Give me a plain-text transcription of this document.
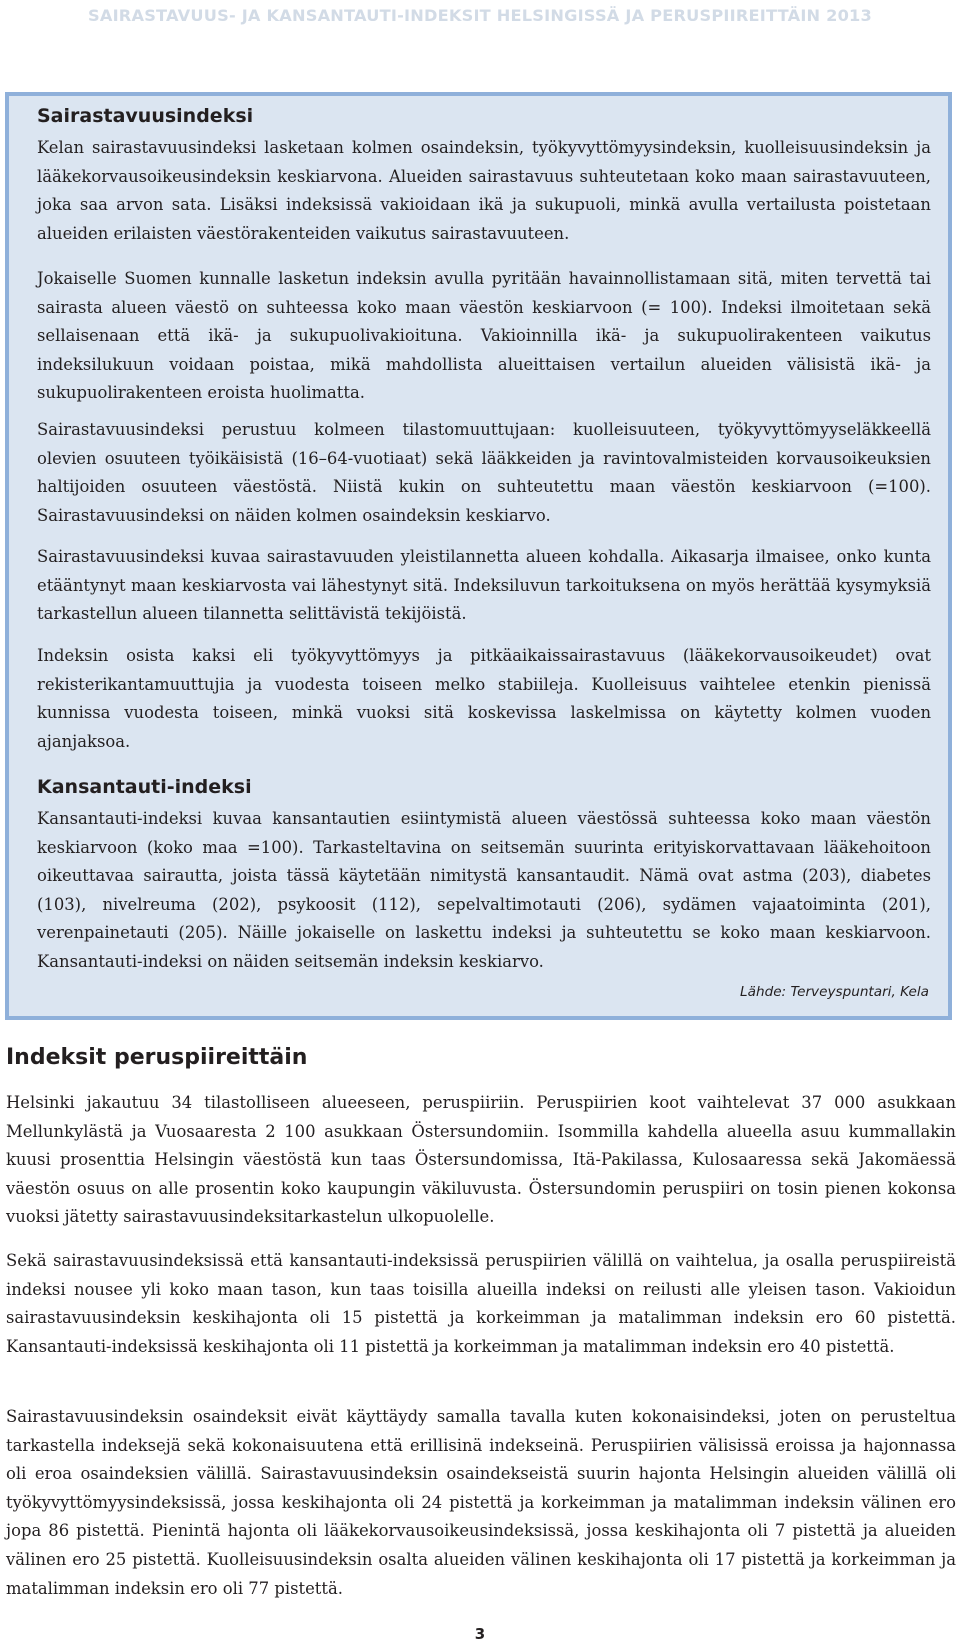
SAIRASTAVUUS- JA KANSANTAUTI-INDEKSIT HELSINGISSÄ JA PERUSPIIREITTÄIN 2013
Sairastavuusindeksi

Kelan sairastavuusindeksi lasketaan kolmen osaindeksin, työkyvyttömyysindeksin, kuolleisuusindeksin ja lääkekorvausoikeusindeksin keskiarvona. Alueiden sairastavuus suhteutetaan koko maan sairastavuuteen, joka saa arvon sata. Lisäksi indeksissä vakioidaan ikä ja sukupuoli, minkä avulla vertailusta poistetaan alueiden erilaisten väestörakenteiden vaikutus sairastavuuteen.

Jokaiselle Suomen kunnalle lasketun indeksin avulla pyritään havainnollistamaan sitä, miten tervettä tai sairasta alueen väestö on suhteessa koko maan väestön keskiarvoon (= 100). Indeksi ilmoitetaan sekä sellaisenaan että ikä- ja sukupuolivakioituna. Vakioinnilla ikä- ja sukupuolirakenteen vaikutus indeksilukuun voidaan poistaa, mikä mahdollista alueittaisen vertailun alueiden välisistä ikä- ja sukupuolirakenteen eroista huolimatta.

Sairastavuusindeksi perustuu kolmeen tilastomuuttujaan: kuolleisuuteen, työkyvyttömyyseläkkeellä olevien osuuteen työikäisistä (16–64-vuotiaat) sekä lääkkeiden ja ravintovalmisteiden korvausoikeuksien haltijoiden osuuteen väestöstä. Niistä kukin on suhteutettu maan väestön keskiarvoon (=100). Sairastavuusindeksi on näiden kolmen osaindeksin keskiarvo.

Sairastavuusindeksi kuvaa sairastavuuden yleistilannetta alueen kohdalla. Aikasarja ilmaisee, onko kunta etääntynyt maan keskiarvosta vai lähestynyt sitä. Indeksiluvun tarkoituksena on myös herättää kysymyksiä tarkastellun alueen tilannetta selittävistä tekijöistä.

Indeksin osista kaksi eli työkyvyttömyys ja pitkäaikaissairastavuus (lääkekorvausoikeudet) ovat rekisterikantamuuttujia ja vuodesta toiseen melko stabiileja. Kuolleisuus vaihtelee etenkin pienissä kunnissa vuodesta toiseen, minkä vuoksi sitä koskevissa laskelmissa on käytetty kolmen vuoden ajanjaksoa.

Kansantauti-indeksi

Kansantauti-indeksi kuvaa kansantautien esiintymistä alueen väestössä suhteessa koko maan väestön keskiarvoon (koko maa =100). Tarkasteltavina on seitsemän suurinta erityiskorvattavaan lääkehoitoon oikeuttavaa sairautta, joista tässä käytetään nimitystä kansantaudit. Nämä ovat astma (203), diabetes (103), nivelreuma (202), psykoosit (112), sepelvaltimotauti (206), sydämen vajaatoiminta (201), verenpainetauti (205). Näille jokaiselle on laskettu indeksi ja suhteutettu se koko maan keskiarvoon. Kansantauti-indeksi on näiden seitsemän indeksin keskiarvo.

Lähde: Terveyspuntari, Kela
Indeksit peruspiireittäin

Helsinki jakautuu 34 tilastolliseen alueeseen, peruspiiriin. Peruspiirien koot vaihtelevat 37 000 asukkaan Mellunkylästä ja Vuosaaresta 2 100 asukkaan Östersundomiin. Isommilla kahdella alueella asuu kummallakin kuusi prosenttia Helsingin väestöstä kun taas Östersundomissa, Itä-Pakilassa, Kulosaaressa sekä Jakomäessä väestön osuus on alle prosentin koko kaupungin väkiluvusta. Östersundomin peruspiiri on tosin pienen kokonsa vuoksi jätetty sairastavuusindeksitarkastelun ulkopuolelle.

Sekä sairastavuusindeksissä että kansantauti-indeksissä peruspiirien välillä on vaihtelua, ja osalla peruspiireistä indeksi nousee yli koko maan tason, kun taas toisilla alueilla indeksi on reilusti alle yleisen tason. Vakioidun sairastavuusindeksin keskihajonta oli 15 pistettä ja korkeimman ja matalimman indeksin ero 60 pistettä. Kansantauti-indeksissä keskihajonta oli 11 pistettä ja korkeimman ja matalimman indeksin ero 40 pistettä.

Sairastavuusindeksin osaindeksit eivät käyttäydy samalla tavalla kuten kokonaisindeksi, joten on perusteltua tarkastella indeksejä sekä kokonaisuutena että erillisinä indekseinä. Peruspiirien välisissä eroissa ja hajonnassa oli eroa osaindeksien välillä. Sairastavuusindeksin osaindekseistä suurin hajonta Helsingin alueiden välillä oli työkyvyttömyysindeksissä, jossa keskihajonta oli 24 pistettä ja korkeimman ja matalimman indeksin välinen ero jopa 86 pistettä. Pienintä hajonta oli lääkekorvausoikeusindeksissä, jossa keskihajonta oli 7 pistettä ja alueiden välinen ero 25 pistettä. Kuolleisuusindeksin osalta alueiden välinen keskihajonta oli 17 pistettä ja korkeimman ja matalimman indeksin ero oli 77 pistettä.

3
